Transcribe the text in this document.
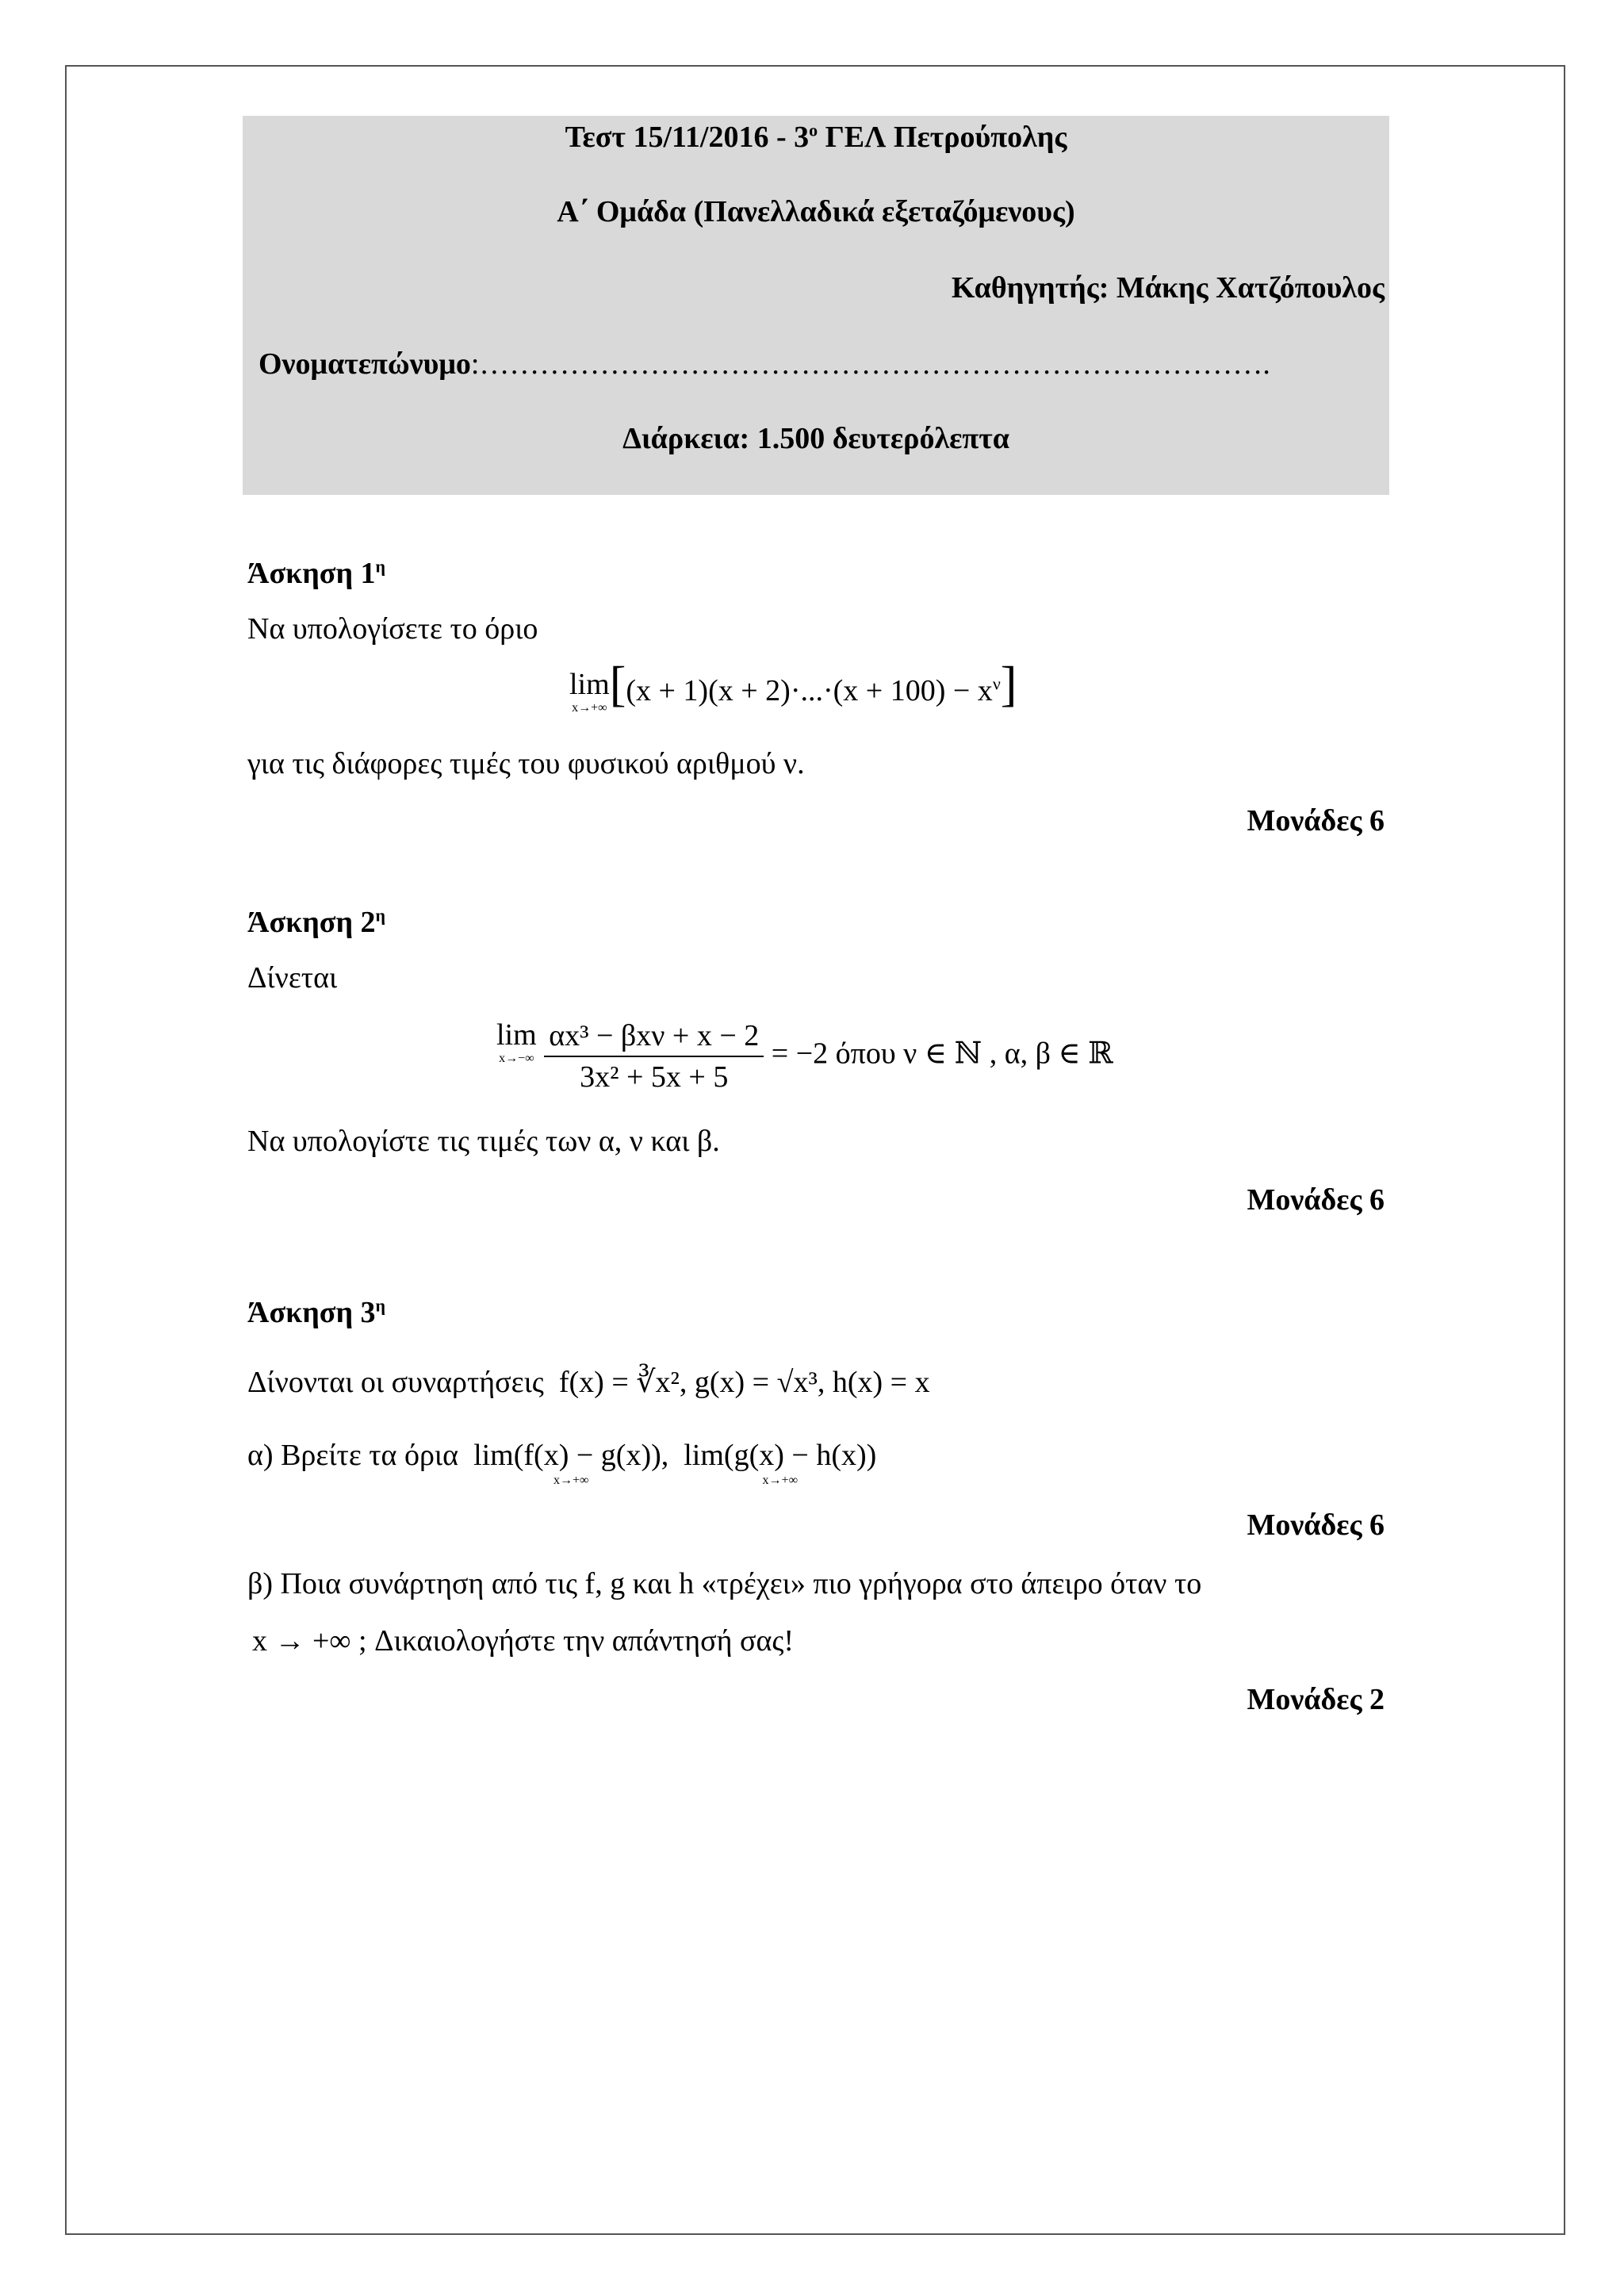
Τεστ $15/11/2016 - 3^o$ ΓΕΛ Πετρούπολης
Α΄ Ομάδα (Πανελλαδικά εξεταζόμενους)
Καθηγητής: Μάκης Χατζόπουλος
Ονοματεπώνυμο:…………………………………………………………………….
Διάρκεια: 1.500 δευτερόλεπτα
Άσκηση $1^\eta$
Να υπολογίσετε το όριο
lim
$^{x\to+\infty}[(x + 1)(x + 2)\cdot...\cdot(x + 100) - x^\nu]$
για τις διάφορες τιμές του φυσικού αριθμού ν.
Μονάδες 6
Άσκηση $2^\eta$
Δίνεται
lim
$^{x\to-\infty} \frac{\text{αx³ − βxν + x − 2}}{\text{3x² + 5x + 5}} = -2$ όπου ν ∈ ℕ , α, β ∈ ℝ
Να υπολογίστε τις τιμές των α, ν και β.
Μονάδες 6
Άσκηση $3^\eta$
Δίνονται οι συναρτήσεις f(x) = ∛x², g(x) = √x³, h(x) = x
α) Βρείτε τα όρια lim(f(x) − g(x)),
$^{x\to+\infty}$  lim(g(x) − h(x))
$^{x\to+\infty}$
Μονάδες 6
β) Ποια συνάρτηση από τις f, g και h «τρέχει» πιο γρήγορα στο άπειρο όταν το
x → +∞ ; Δικαιολογήστε την απάντησή σας!
Μονάδες 2
